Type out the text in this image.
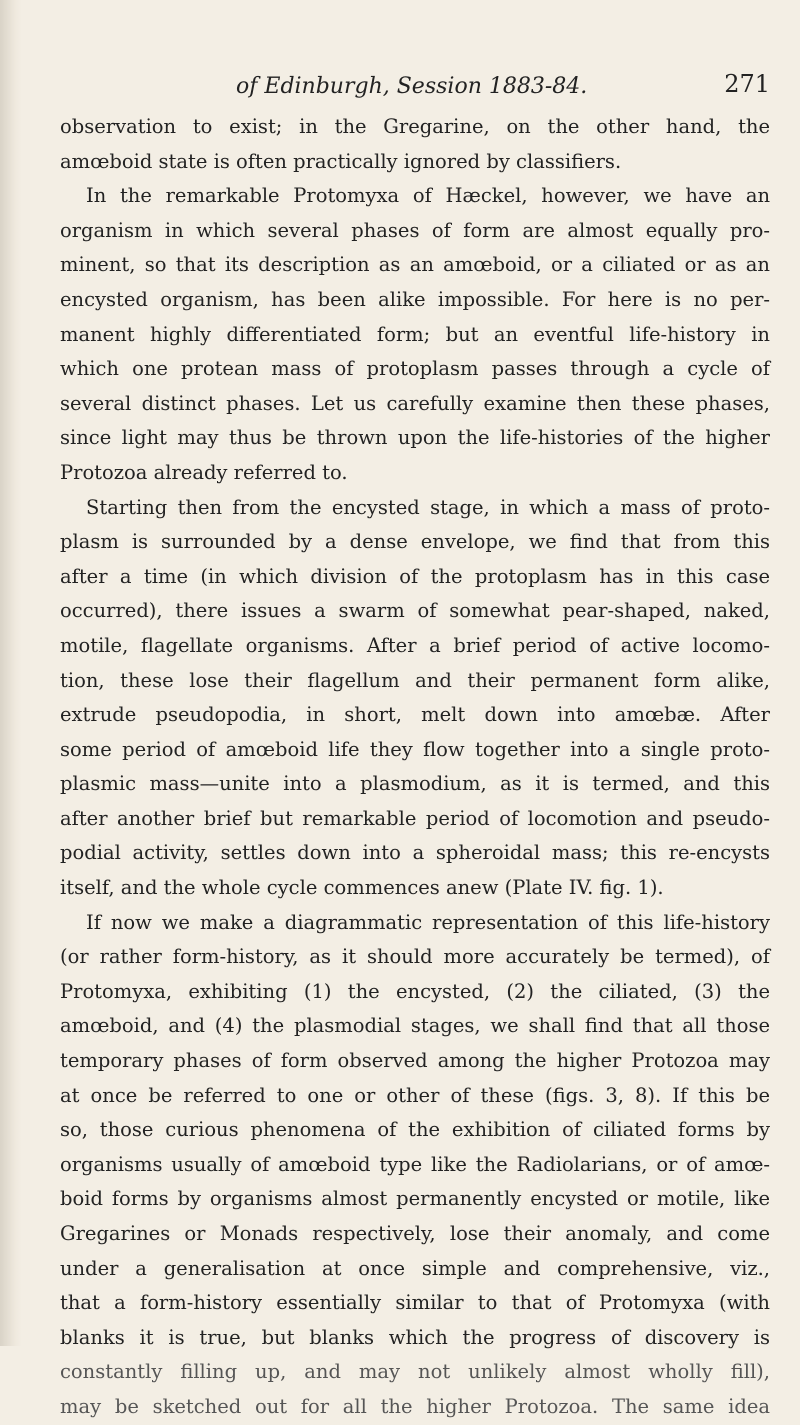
of Edinburgh, Session 1883-84.	271
observation to exist; in the Gregarine, on the other hand, the
amœboid state is often practically ignored by classifiers.
In the remarkable Protomyxa of Hæckel, however, we have an
organism in which several phases of form are almost equally pro-
minent, so that its description as an amœboid, or a ciliated or as an
encysted organism, has been alike impossible. For here is no per-
manent highly differentiated form; but an eventful life-history in
which one protean mass of protoplasm passes through a cycle of
several distinct phases. Let us carefully examine then these phases,
since light may thus be thrown upon the life-histories of the higher
Protozoa already referred to.
Starting then from the encysted stage, in which a mass of proto-
plasm is surrounded by a dense envelope, we find that from this
after a time (in which division of the protoplasm has in this case
occurred), there issues a swarm of somewhat pear-shaped, naked,
motile, flagellate organisms. After a brief period of active locomo-
tion, these lose their flagellum and their permanent form alike,
extrude pseudopodia, in short, melt down into amœbæ. After
some period of amœboid life they flow together into a single proto-
plasmic mass—unite into a plasmodium, as it is termed, and this
after another brief but remarkable period of locomotion and pseudo-
podial activity, settles down into a spheroidal mass; this re-encysts
itself, and the whole cycle commences anew (Plate IV. fig. 1).
If now we make a diagrammatic representation of this life-history
(or rather form-history, as it should more accurately be termed), of
Protomyxa, exhibiting (1) the encysted, (2) the ciliated, (3) the
amœboid, and (4) the plasmodial stages, we shall find that all those
temporary phases of form observed among the higher Protozoa may
at once be referred to one or other of these (figs. 3, 8). If this be
so, those curious phenomena of the exhibition of ciliated forms by
organisms usually of amœboid type like the Radiolarians, or of amœ-
boid forms by organisms almost permanently encysted or motile, like
Gregarines or Monads respectively, lose their anomaly, and come
under a generalisation at once simple and comprehensive, viz.,
that a form-history essentially similar to that of Protomyxa (with
blanks it is true, but blanks which the progress of discovery is
constantly filling up, and may not unlikely almost wholly fill),
may be sketched out for all the higher Protozoa. The same idea
